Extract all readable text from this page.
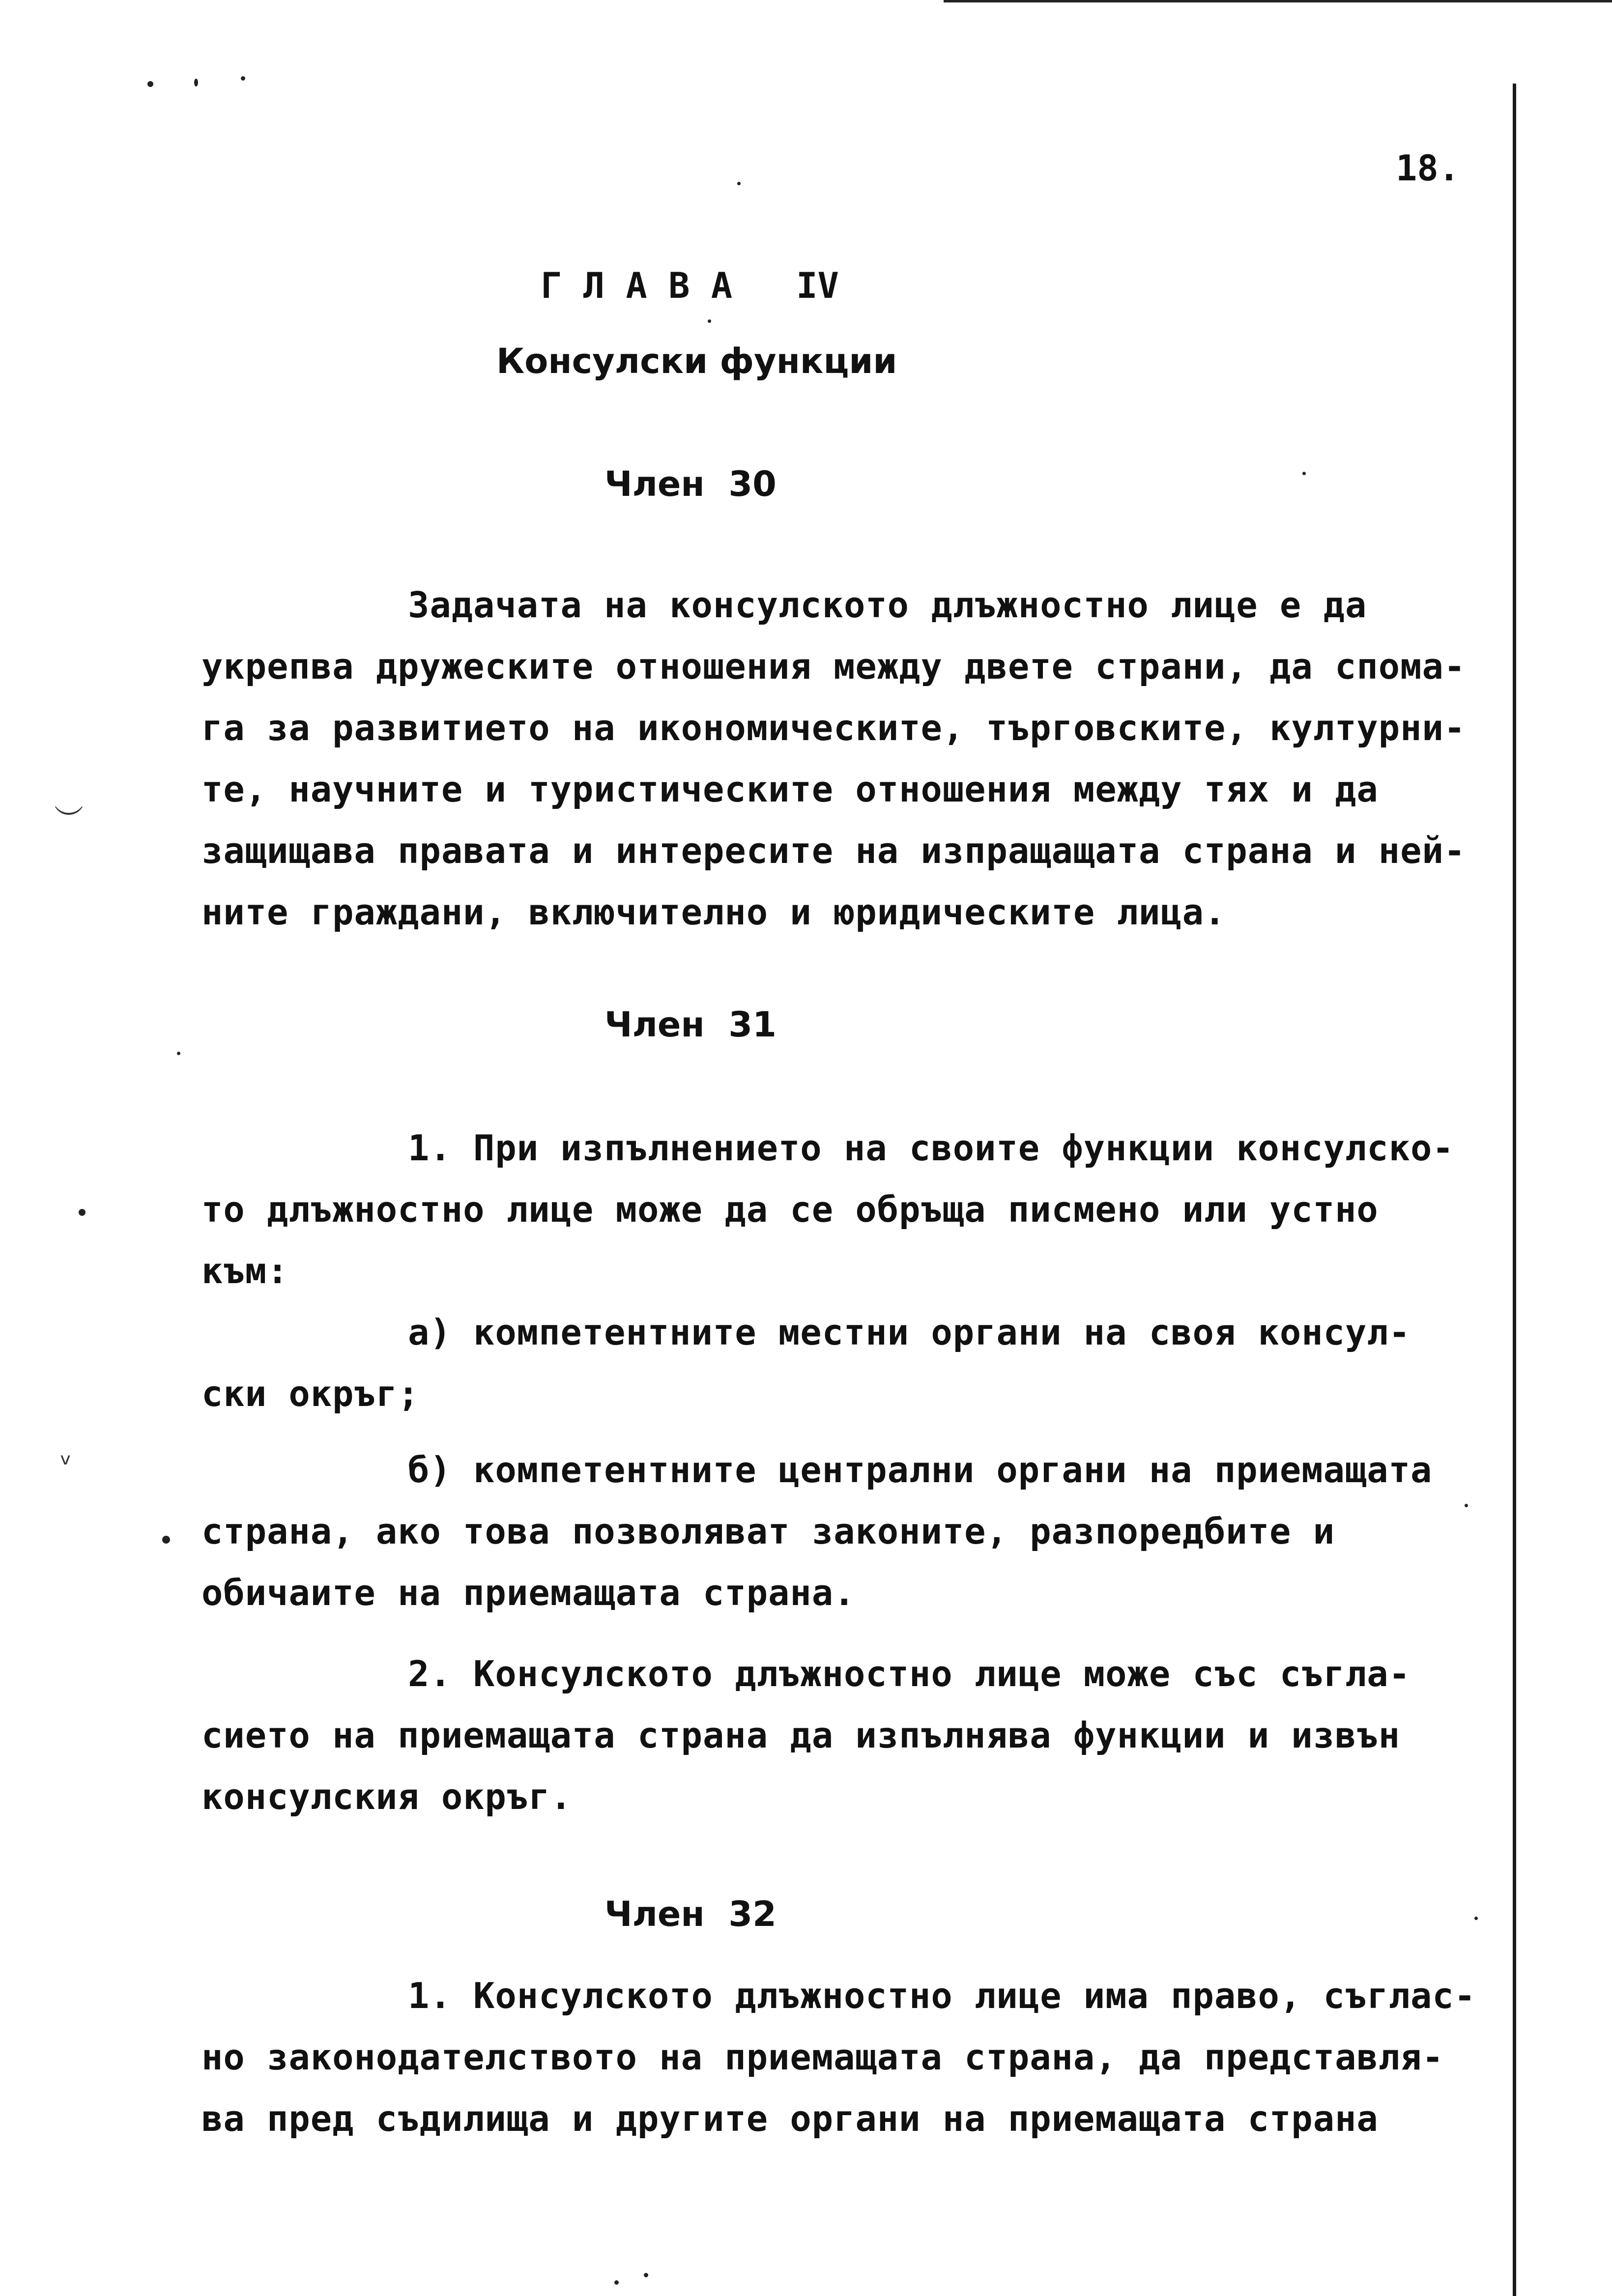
︶
ᵥ
18.
Г Л А В А   IV
Консулски функции
Член  30
Задачата на консулското длъжностно лице е да
укрепва дружеските отношения между двете страни, да спома-
га за развитието на икономическите, търговските, културни-
те, научните и туристическите отношения между тях и да
защищава правата и интересите на изпращащата страна и ней-
ните граждани, включително и юридическите лица.
Член  31
1. При изпълнението на своите функции консулско-
то длъжностно лице може да се обръща писмено или устно
към:
а) компетентните местни органи на своя консул-
ски окръг;
б) компетентните централни органи на приемащата
страна, ако това позволяват законите, разпоредбите и
обичаите на приемащата страна.
2. Консулското длъжностно лице може със съгла-
сието на приемащата страна да изпълнява функции и извън
консулския окръг.
Член  32
1. Консулското длъжностно лице има право, съглас-
но законодателството на приемащата страна, да представля-
ва пред съдилища и другите органи на приемащата страна
